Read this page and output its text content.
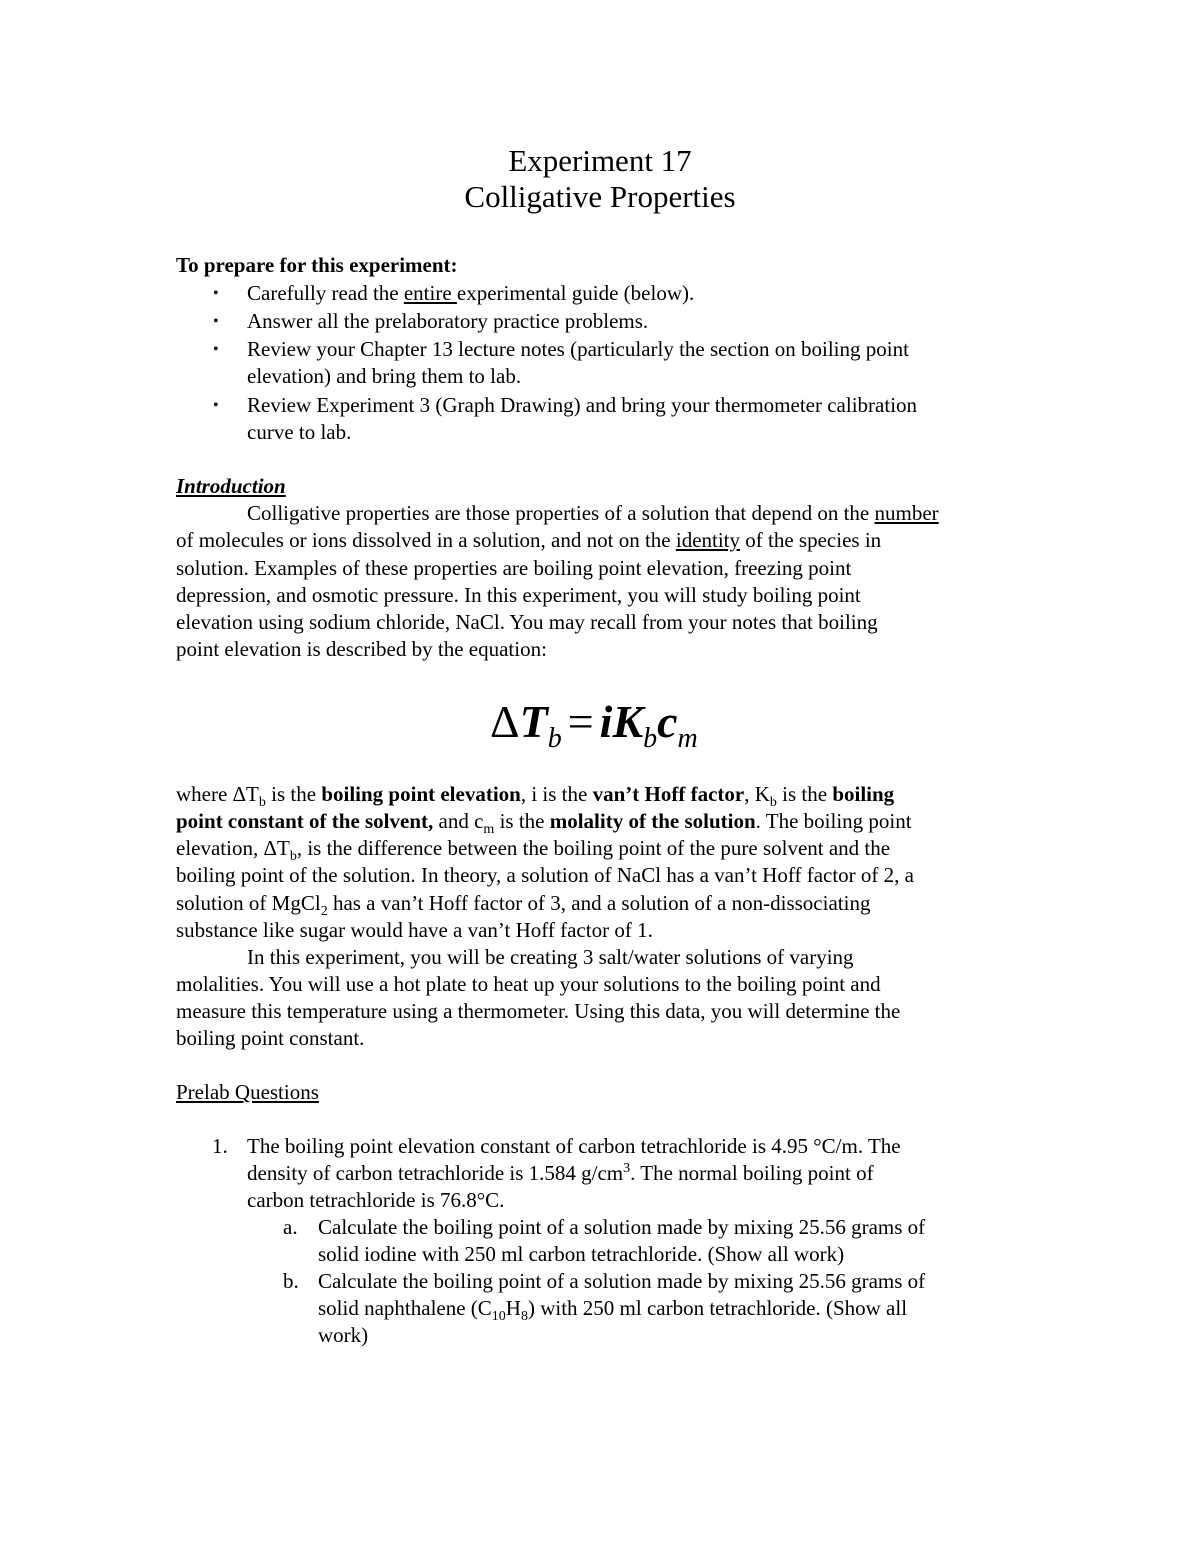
Experiment 17
Colligative Properties
To prepare for this experiment:
• Carefully read the entire experimental guide (below).
• Answer all the prelaboratory practice problems.
• Review your Chapter 13 lecture notes (particularly the section on boiling point
elevation) and bring them to lab.
• Review Experiment 3 (Graph Drawing) and bring your thermometer calibration
curve to lab.
Introduction
Colligative properties are those properties of a solution that depend on the number
of molecules or ions dissolved in a solution, and not on the identity of the species in
solution. Examples of these properties are boiling point elevation, freezing point
depression, and osmotic pressure. In this experiment, you will study boiling point
elevation using sodium chloride, NaCl. You may recall from your notes that boiling
point elevation is described by the equation:
$\Delta T_b = iK_bc_m$
where $\Delta T_b$ is the boiling point elevation, i is the van’t Hoff factor, $K_b$ is the boiling
point constant of the solvent, and $c_m$ is the molality of the solution. The boiling point
elevation, $\Delta T_b$, is the difference between the boiling point of the pure solvent and the
boiling point of the solution. In theory, a solution of NaCl has a van’t Hoff factor of 2, a
solution of MgCl$_2$ has a van’t Hoff factor of 3, and a solution of a non-dissociating
substance like sugar would have a van’t Hoff factor of 1.
In this experiment, you will be creating 3 salt/water solutions of varying
molalities. You will use a hot plate to heat up your solutions to the boiling point and
measure this temperature using a thermometer. Using this data, you will determine the
boiling point constant.
Prelab Questions
1. The boiling point elevation constant of carbon tetrachloride is 4.95 °C/m. The
density of carbon tetrachloride is 1.584 $g/cm^3$. The normal boiling point of
carbon tetrachloride is 76.8°C.
a. Calculate the boiling point of a solution made by mixing 25.56 grams of
solid iodine with 250 ml carbon tetrachloride. (Show all work)
b. Calculate the boiling point of a solution made by mixing 25.56 grams of
solid naphthalene $(C_{10}H_8)$ with 250 ml carbon tetrachloride. (Show all
work)
